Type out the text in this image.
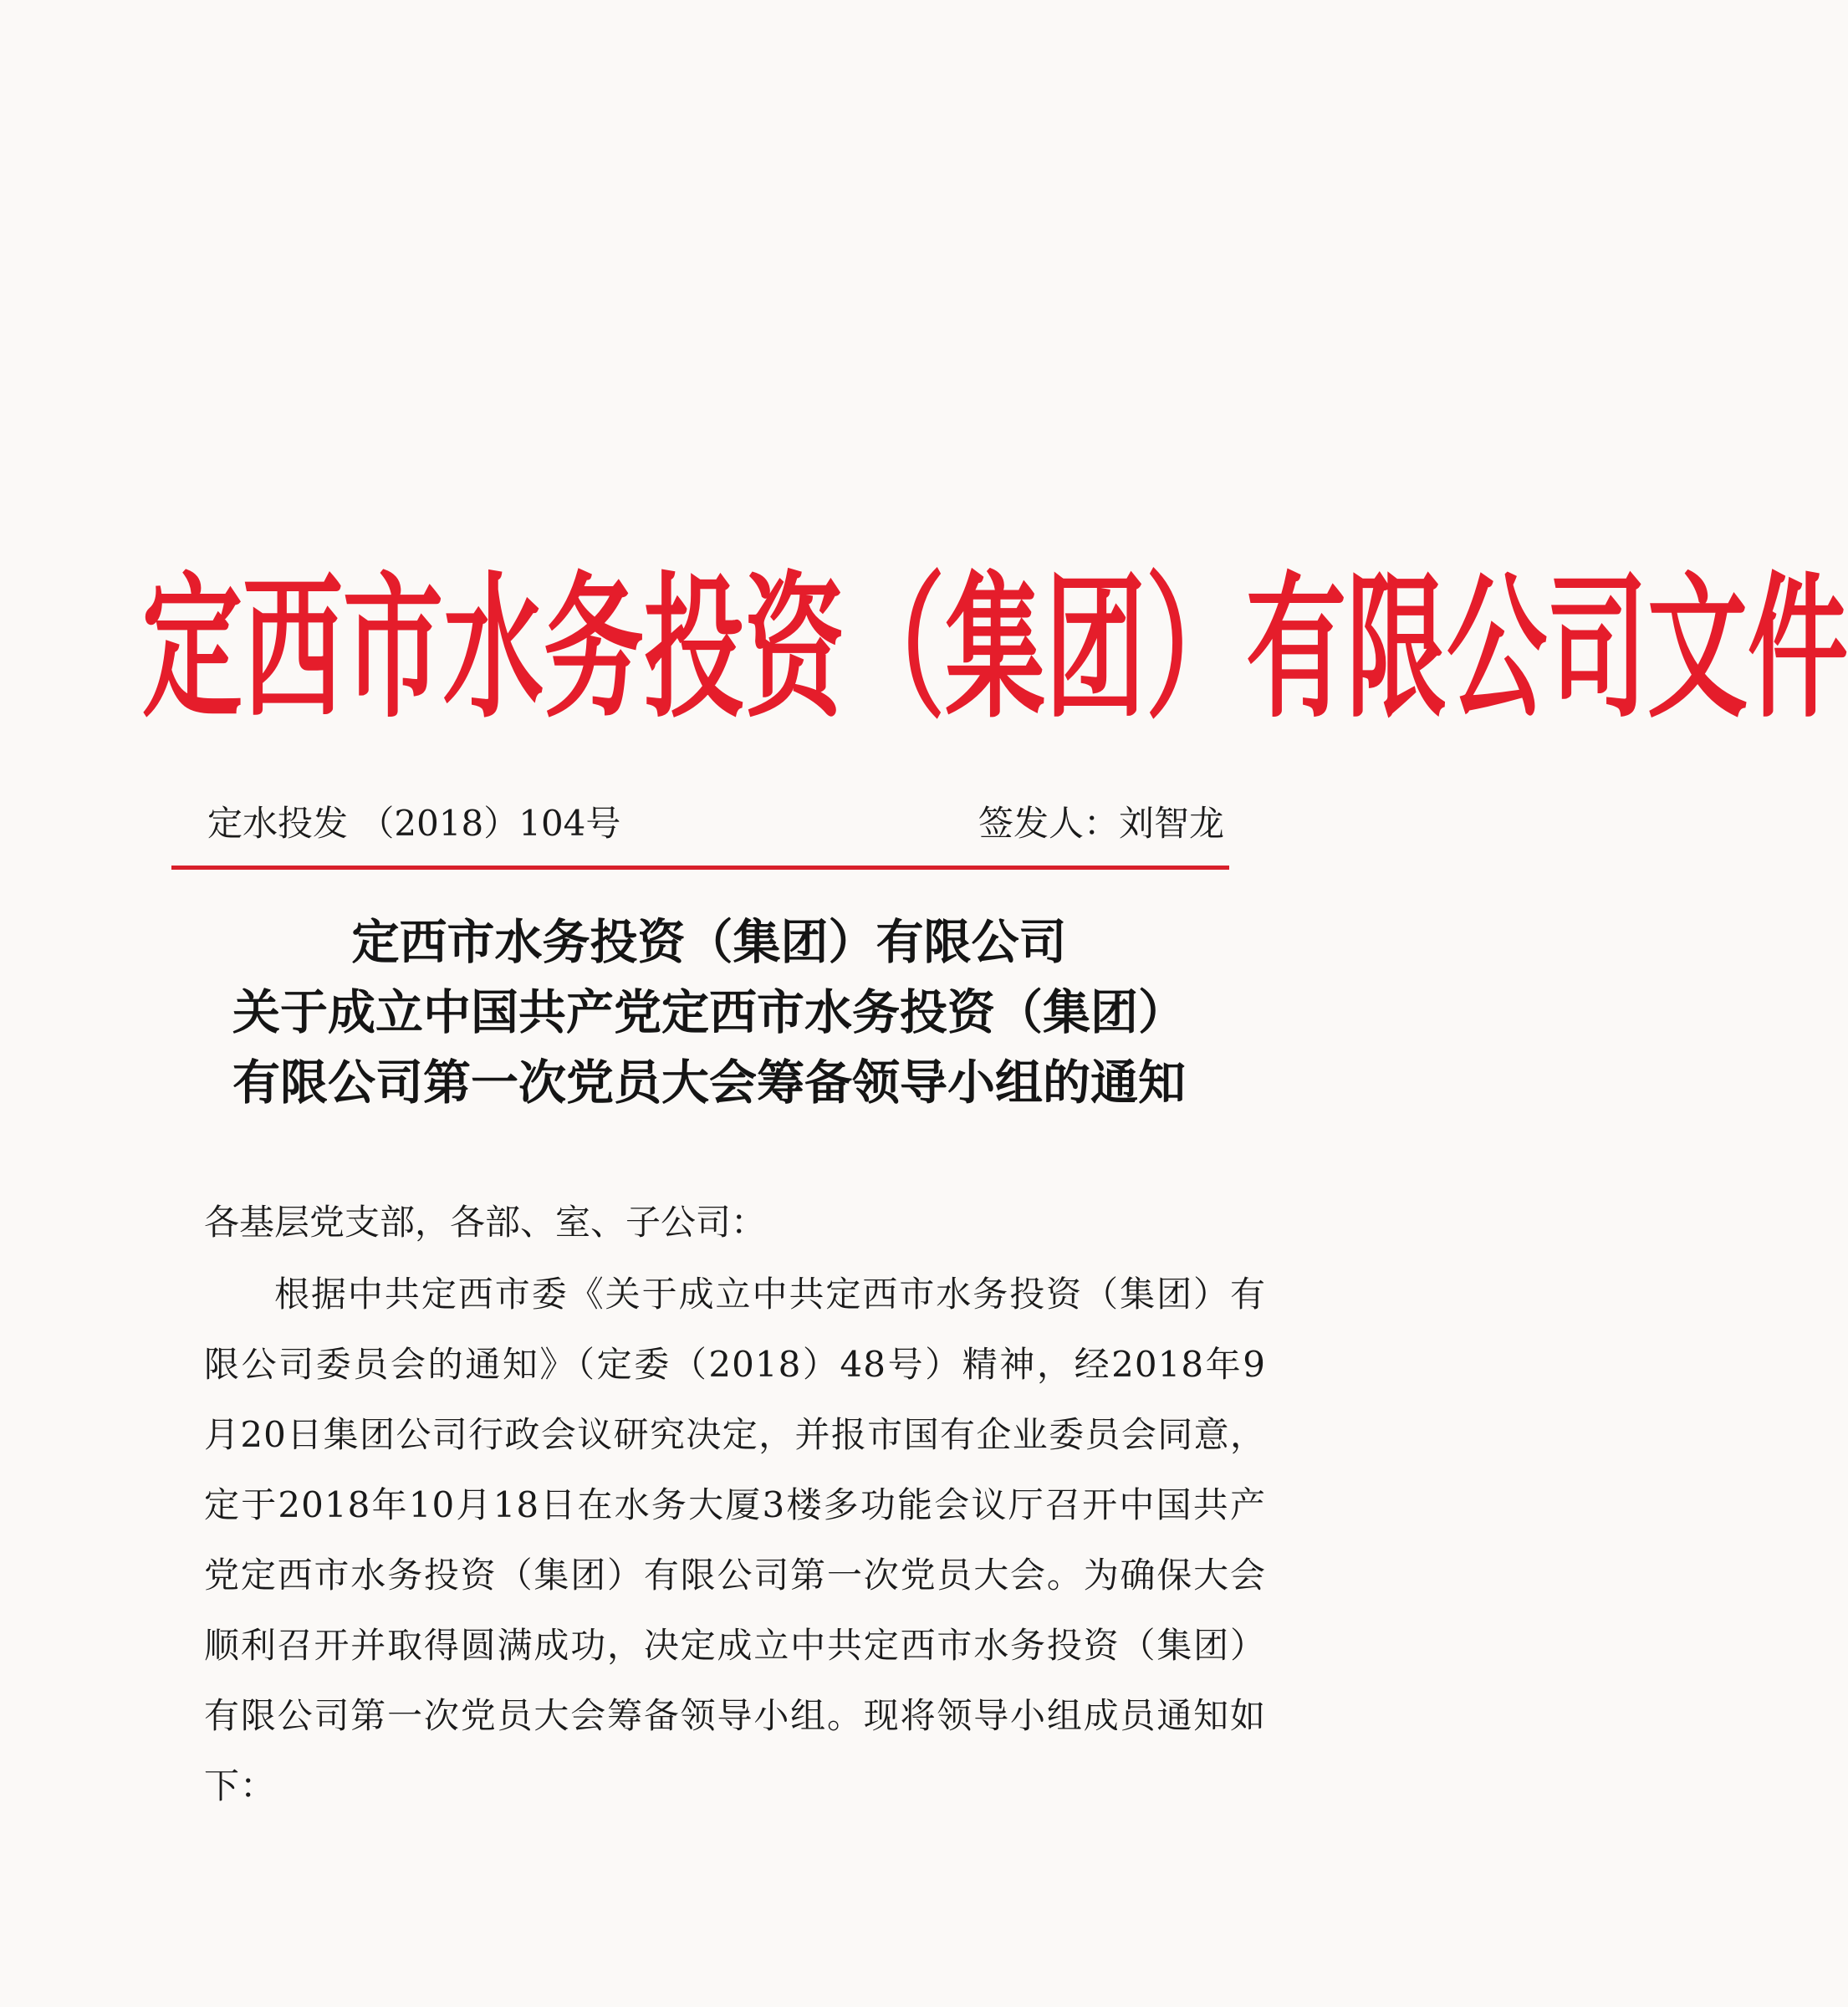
定西市水务投资（集团）有限公司文件
定水投发 （2018）104号	签发人：刘智龙
定西市水务投资（集团）有限公司
关于成立中国共产党定西市水务投资（集团）
有限公司第一次党员大会筹备领导小组的通知
各基层党支部，各部、室、子公司：

根据中共定西市委《关于成立中共定西市水务投资（集团）有限公司委员会的通知》（定委（2018）48号）精神，经2018年9月20日集团公司行政会议研究决定，并报市国有企业委员会同意，定于2018年10月18日在水务大厦3楼多功能会议厅召开中国共产党定西市水务投资（集团）有限公司第一次党员大会。为确保大会顺利召开并取得圆满成功，决定成立中共定西市水务投资（集团）有限公司第一次党员大会筹备领导小组。现将领导小组成员通知如下：
